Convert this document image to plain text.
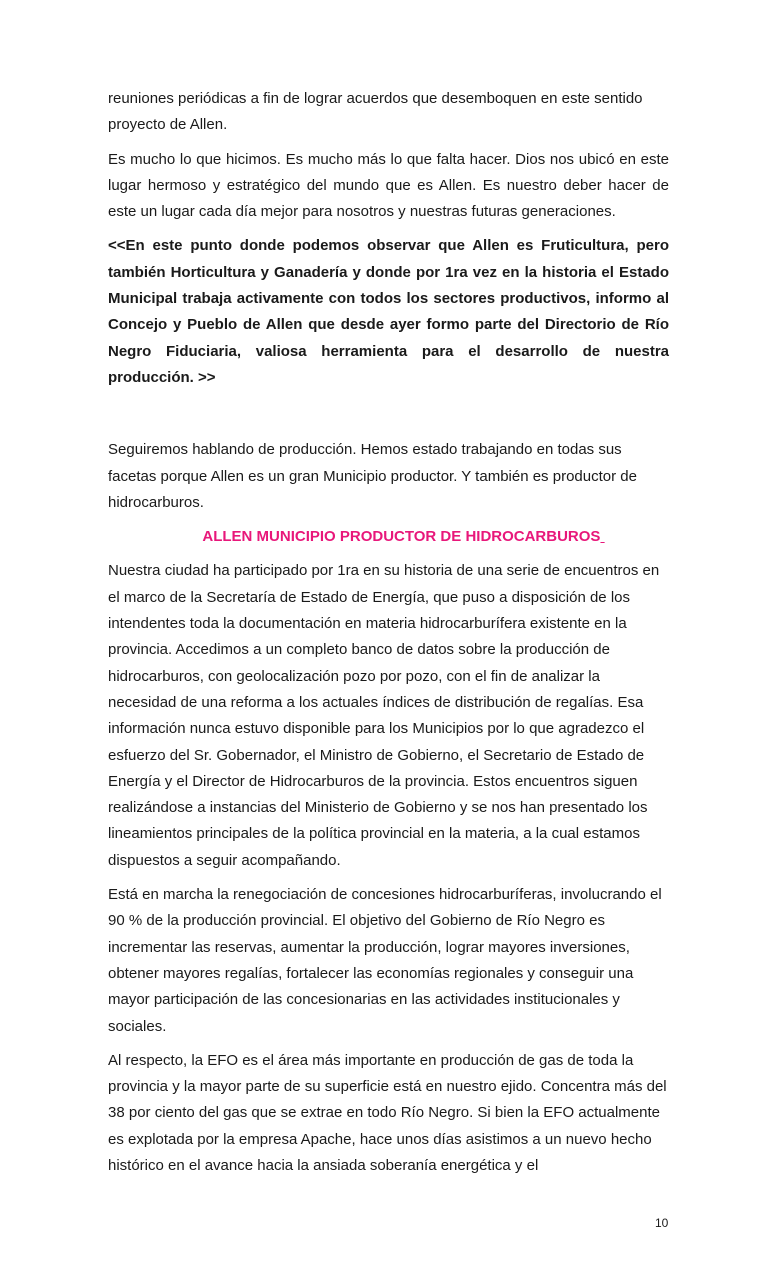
reuniones periódicas a fin de lograr acuerdos que desemboquen en este sentido proyecto de Allen.

Es mucho lo que hicimos. Es mucho más lo que falta hacer. Dios nos ubicó en este lugar hermoso y estratégico del mundo que es Allen. Es nuestro deber hacer de este un lugar cada día mejor para nosotros y nuestras futuras generaciones.

<<En este punto donde podemos observar que Allen es Fruticultura, pero también Horticultura y Ganadería y donde por 1ra vez en la historia el Estado Municipal trabaja activamente con todos los sectores productivos, informo al Concejo y Pueblo de Allen que desde ayer formo parte del Directorio de Río Negro Fiduciaria, valiosa herramienta para el desarrollo de nuestra producción. >>

Seguiremos hablando de producción. Hemos estado trabajando en todas sus facetas porque Allen es un gran Municipio productor. Y también es productor de hidrocarburos.

ALLEN MUNICIPIO PRODUCTOR DE HIDROCARBUROS

Nuestra ciudad ha participado por 1ra en su historia de una serie de encuentros en el marco de la Secretaría de Estado de Energía, que puso a disposición de los intendentes toda la documentación en materia hidrocarburífera existente en la provincia. Accedimos a un completo banco de datos sobre la producción de hidrocarburos, con geolocalización pozo por pozo, con el fin de analizar la necesidad de una reforma a los actuales índices de distribución de regalías. Esa información nunca estuvo disponible para los Municipios por lo que agradezco el esfuerzo del Sr. Gobernador, el Ministro de Gobierno, el Secretario de Estado de Energía y el Director de Hidrocarburos de la provincia. Estos encuentros siguen realizándose a instancias del Ministerio de Gobierno y se nos han presentado los lineamientos principales de la política provincial en la materia, a la cual estamos dispuestos a seguir acompañando.

Está en marcha la renegociación de concesiones hidrocarburíferas, involucrando el 90 % de la producción provincial. El objetivo del Gobierno de Río Negro es incrementar las reservas, aumentar la producción, lograr mayores inversiones, obtener mayores regalías, fortalecer las economías regionales y conseguir una mayor participación de las concesionarias en las actividades institucionales y sociales.

Al respecto, la EFO es el área más importante en producción de gas de toda la provincia y la mayor parte de su superficie está en nuestro ejido. Concentra más del 38 por ciento del gas que se extrae en todo Río Negro. Si bien la EFO actualmente es explotada por la empresa Apache, hace unos días asistimos a un nuevo hecho histórico en el avance hacia la ansiada soberanía energética y el

10
